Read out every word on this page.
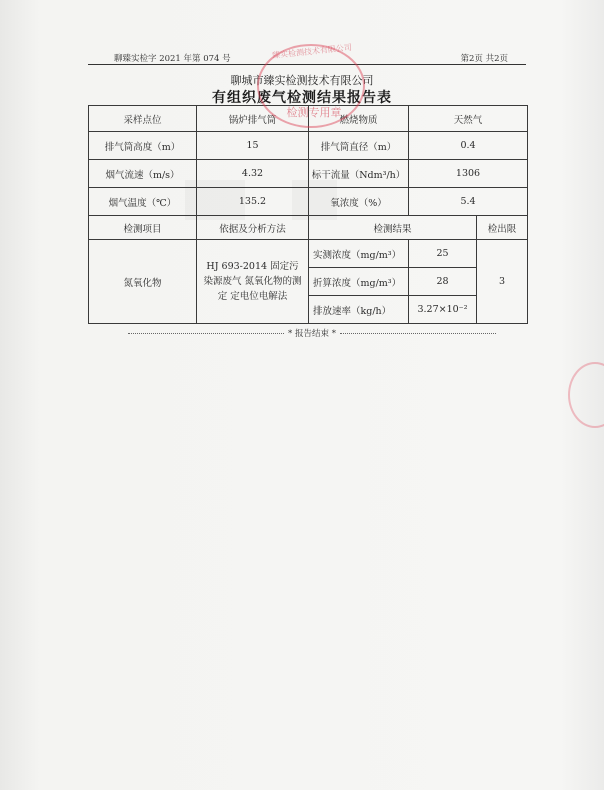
聊臻实检字 2021 年第 074 号	第2页 共2页
聊城市臻实检测技术有限公司
有组织废气检测结果报告表
采样点位	锅炉排气筒	燃烧物质	天然气	
排气筒高度（m）	15	排气筒直径（m）	0.4	
烟气流速（m/s）	4.32	标干流量（Ndm³/h）	1306	
烟气温度（℃）	135.2	氧浓度（%）	5.4	
检测项目	依据及分析方法	检测结果		检出限
氮氧化物	HJ 693-2014 固定污染源废气 氮氧化物的测定 定电位电解法	实测浓度（mg/m³）	25	3
		折算浓度（mg/m³）	28	
		排放速率（kg/h）	3.27×10⁻²	
臻实检测技术有限公司
检测专用章
* 报告结束 *
